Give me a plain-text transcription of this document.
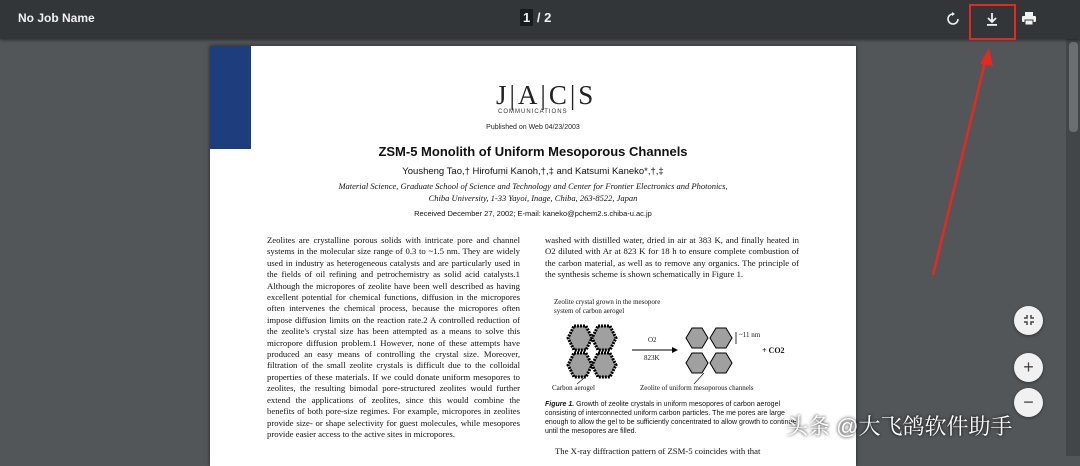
No Job Name	1 / 2
J|A|C|S
COMMUNICATIONS
Published on Web 04/23/2003
ZSM-5 Monolith of Uniform Mesoporous Channels
Yousheng Tao,† Hirofumi Kanoh,†,‡ and Katsumi Kaneko*,†,‡
Material Science, Graduate School of Science and Technology and Center for Frontier Electronics and Photonics,
Chiba University, 1-33 Yayoi, Inage, Chiba, 263-8522, Japan
Received December 27, 2002; E-mail: kaneko@pchem2.s.chiba-u.ac.jp
Zeolites are crystalline porous solids with intricate pore and channel systems in the molecular size range of 0.3 to ~1.5 nm. They are widely used in industry as heterogeneous catalysts and are particularly used in the fields of oil refining and petrochemistry as solid acid catalysts.1 Although the micropores of zeolite have been well described as having excellent potential for chemical functions, diffusion in the micropores often intervenes the chemical process, because the micropores often impose diffusion limits on the reaction rate.2 A controlled reduction of the zeolite's crystal size has been attempted as a means to solve this micropore diffusion problem.1 However, none of these attempts have produced an easy means of controlling the crystal size. Moreover, filtration of the small zeolite crystals is difficult due to the colloidal properties of these materials. If we could donate uniform mesopores to zeolites, the resulting bimodal pore-structured zeolites would further extend the applications of zeolites, since this would combine the benefits of both pore-size regimes. For example, micropores in zeolites provide size- or shape selectivity for guest molecules, while mesopores provide easier access to the active sites in micropores.
washed with distilled water, dried in air at 383 K, and finally heated in O2 diluted with Ar at 823 K for 18 h to ensure complete combustion of the carbon material, as well as to remove any organics. The principle of the synthesis scheme is shown schematically in Figure 1.
Zeolite crystal grown in the mesopore
system of carbon aerogel
O2
823K
~11 nm
+ CO2
Carbon aerogel	Zeolite of uniform mesoporous channels
Figure 1. Growth of zeolite crystals in uniform mesopores of carbon aerogel consisting of interconnected uniform carbon particles. The me pores are large enough to allow the gel to be sufficiently concentrated to allow growth to continue until the mesopores are filled.
The X-ray diffraction pattern of ZSM-5 coincides with that
+
−
头条 @大飞鸽软件助手
